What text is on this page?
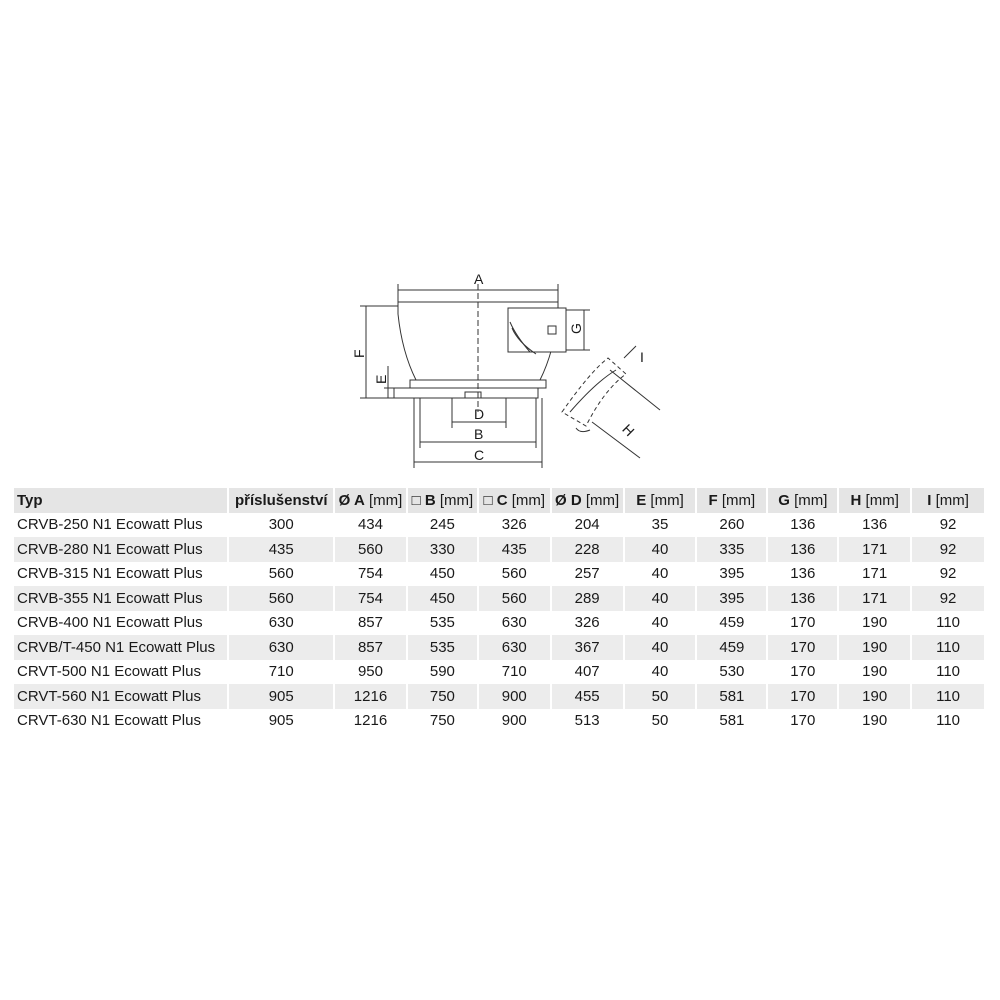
A
G
F
E
D
B
C
H
I
Typ	příslušenství	Ø A [mm]	□ B [mm]	□ C [mm]	Ø D [mm]	E [mm]	F [mm]	G [mm]	H [mm]	I [mm]
CRVB-250 N1 Ecowatt Plus	300	434	245	326	204	35	260	136	136	92
CRVB-280 N1 Ecowatt Plus	435	560	330	435	228	40	335	136	171	92
CRVB-315 N1 Ecowatt Plus	560	754	450	560	257	40	395	136	171	92
CRVB-355 N1 Ecowatt Plus	560	754	450	560	289	40	395	136	171	92
CRVB-400 N1 Ecowatt Plus	630	857	535	630	326	40	459	170	190	110
CRVB/T-450 N1 Ecowatt Plus	630	857	535	630	367	40	459	170	190	110
CRVT-500 N1 Ecowatt Plus	710	950	590	710	407	40	530	170	190	110
CRVT-560 N1 Ecowatt Plus	905	1216	750	900	455	50	581	170	190	110
CRVT-630 N1 Ecowatt Plus	905	1216	750	900	513	50	581	170	190	110
